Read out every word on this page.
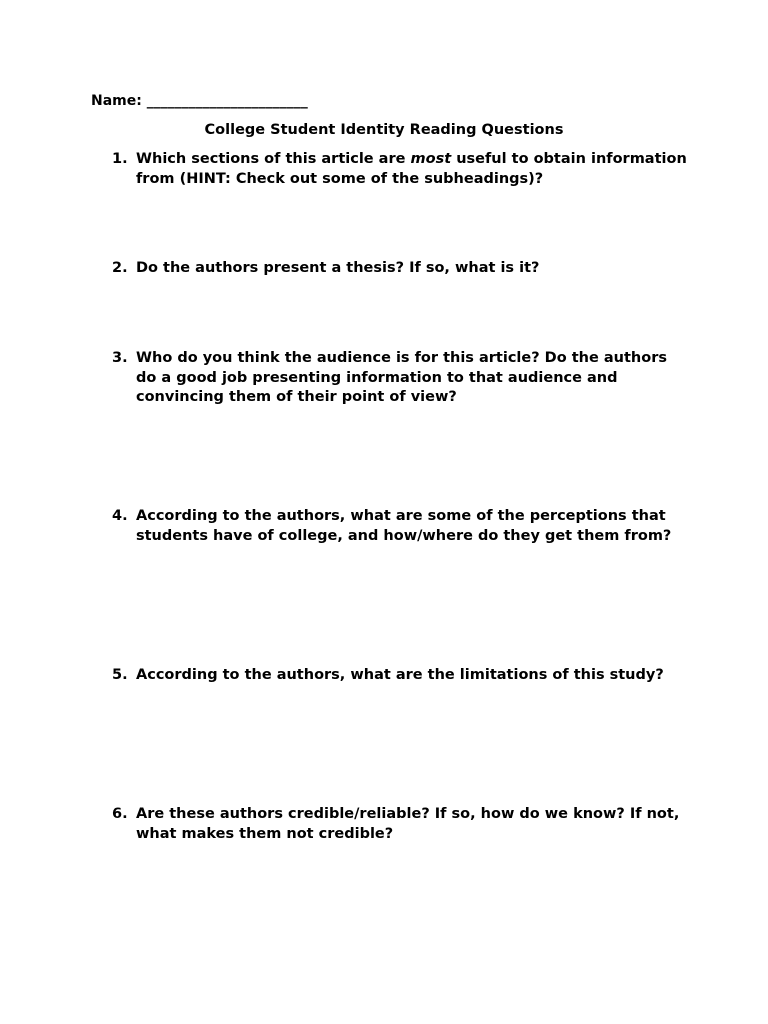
Name: _______________________
College Student Identity Reading Questions
1. Which sections of this article are most useful to obtain information from (HINT: Check out some of the subheadings)?
2. Do the authors present a thesis? If so, what is it?
3. Who do you think the audience is for this article? Do the authors do a good job presenting information to that audience and convincing them of their point of view?
4. According to the authors, what are some of the perceptions that students have of college, and how/where do they get them from?
5. According to the authors, what are the limitations of this study?
6. Are these authors credible/reliable? If so, how do we know? If not, what makes them not credible?
